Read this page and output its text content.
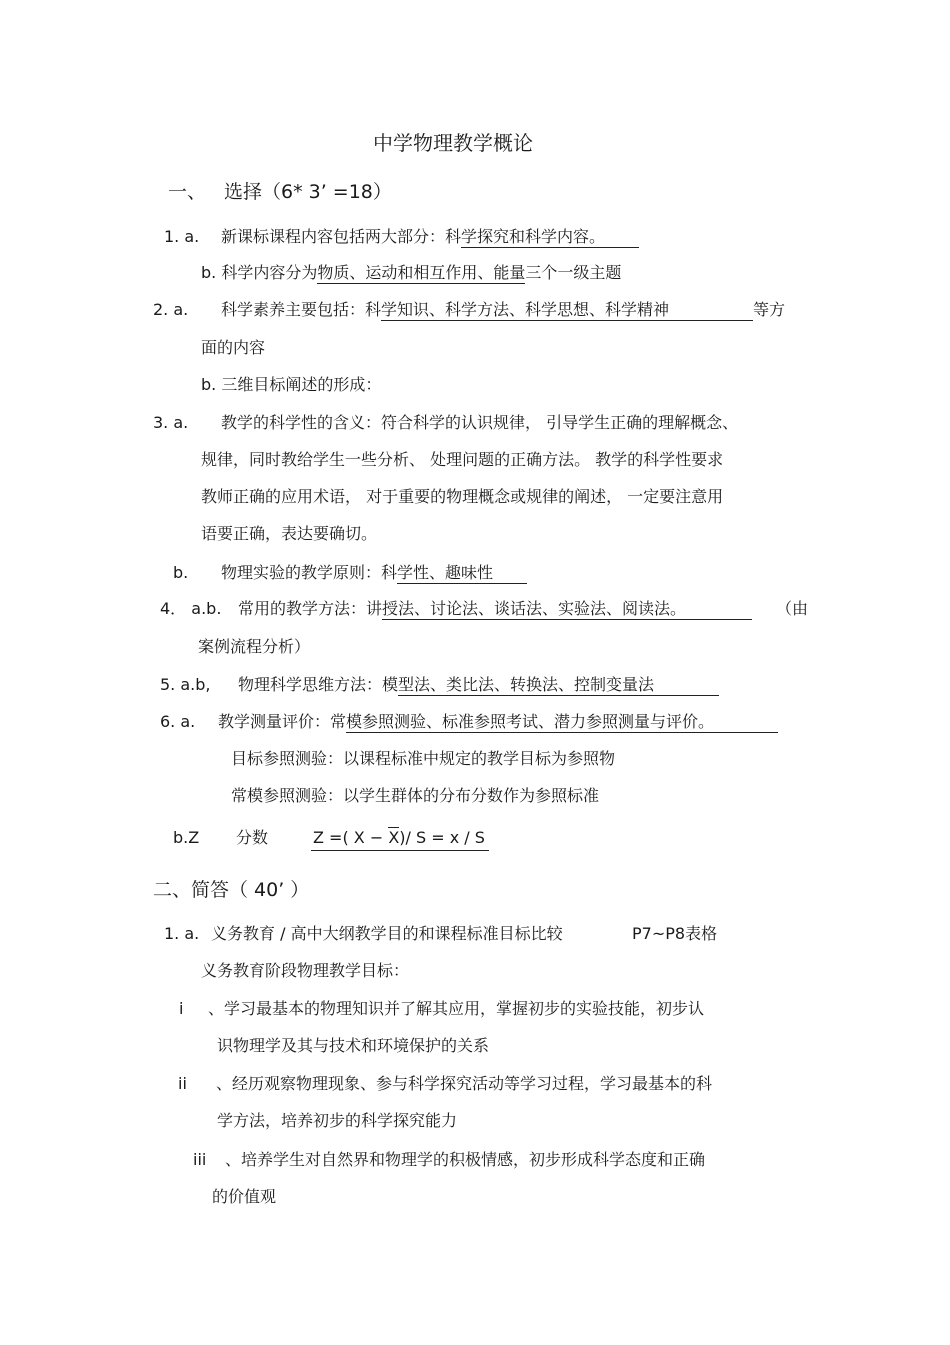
中学物理教学概论
一、 选择（6* 3’ =18）
1. a. 新课标课程内容包括两大部分：科学探究和科学内容。
b. 科学内容分为物质、运动和相互作用、能量三个一级主题
2. a. 科学素养主要包括：科学知识、科学方法、科学思想、科学精神	等方
面的内容
b. 三维目标阐述的形成：
3. a. 教学的科学性的含义：符合科学的认识规律， 引导学生正确的理解概念、
规律，同时教给学生一些分析、 处理问题的正确方法。 教学的科学性要求
教师正确的应用术语， 对于重要的物理概念或规律的阐述， 一定要注意用
语要正确，表达要确切。
b. 物理实验的教学原则：科学性、趣味性
4． a.b. 常用的教学方法：讲授法、讨论法、谈话法、实验法、阅读法。	（由
案例流程分析）
5. a.b, 物理科学思维方法：模型法、类比法、转换法、控制变量法
6. a. 教学测量评价：常模参照测验、标准参照考试、潜力参照测量与评价。
目标参照测验：以课程标准中规定的教学目标为参照物
常模参照测验：以学生群体的分布分数作为参照标准
b.Z 分数	Z =( X − X)/ S = x / S
二、简答（ 40’ ）
1. a. 义务教育 / 高中大纲教学目的和课程标准目标比较	P7~P8表格
义务教育阶段物理教学目标：
i 、学习最基本的物理知识并了解其应用，掌握初步的实验技能，初步认
识物理学及其与技术和环境保护的关系
ii 、经历观察物理现象、参与科学探究活动等学习过程，学习最基本的科
学方法，培养初步的科学探究能力
iii 、培养学生对自然界和物理学的积极情感，初步形成科学态度和正确
的价值观
